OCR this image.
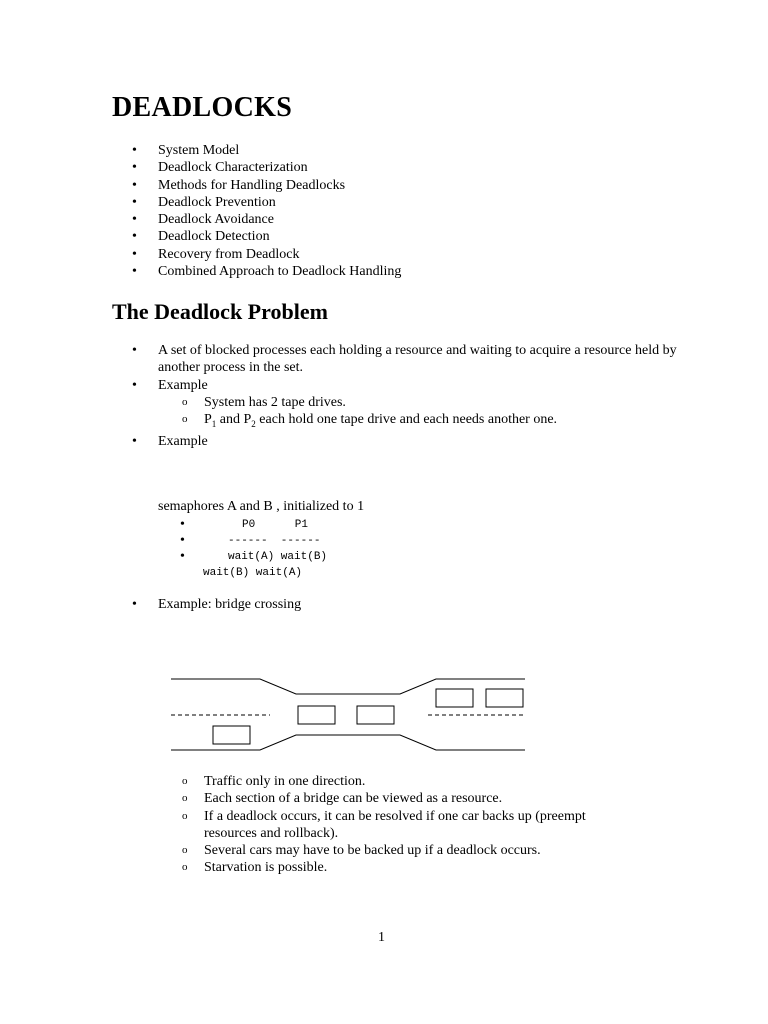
DEADLOCKS
• System Model
• Deadlock Characterization
• Methods for Handling Deadlocks
• Deadlock Prevention
• Deadlock Avoidance
• Deadlock Detection
• Recovery from Deadlock
• Combined Approach to Deadlock Handling
The Deadlock Problem
• A set of blocked processes each holding a resource and waiting to acquire a resource held by another process in the set.
• Example
o System has 2 tape drives.
o $P_1$ and $P_2$ each hold one tape drive and each needs another one.
• Example
semaphores A and B , initialized to 1
•	P0      P1
•	------  ------
•	wait(A) wait(B)
wait(B) wait(A)
• Example: bridge crossing
o Traffic only in one direction.
o Each section of a bridge can be viewed as a resource.
o If a deadlock occurs, it can be resolved if one car backs up (preempt resources and rollback).
o Several cars may have to be backed up if a deadlock occurs.
o Starvation is possible.
1
